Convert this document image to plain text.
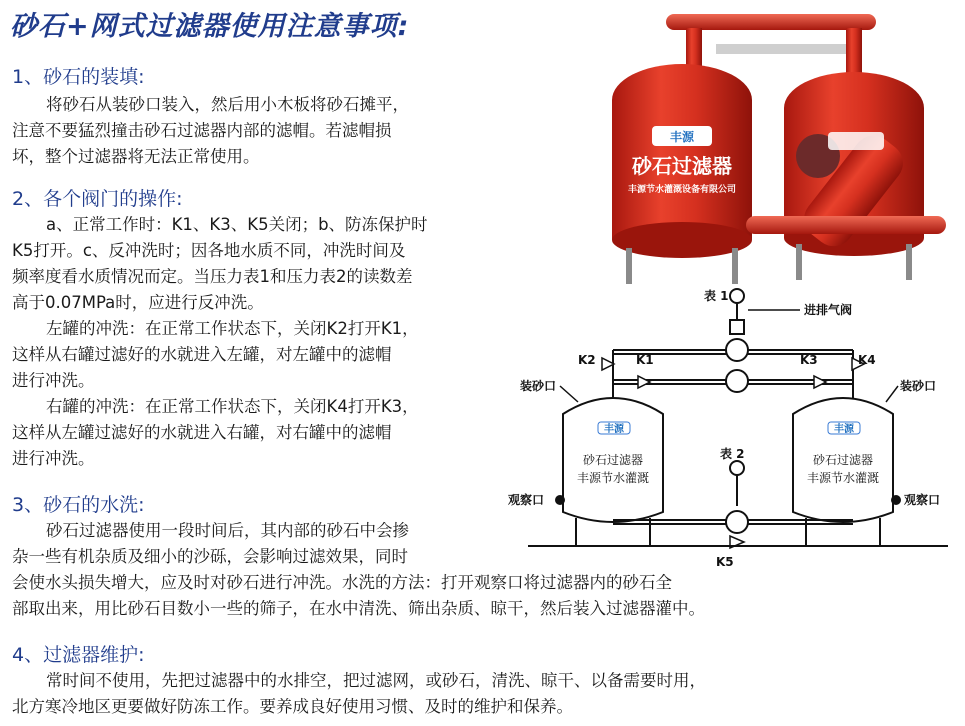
砂石+网式过滤器使用注意事项:
1、砂石的装填:
将砂石从装砂口装入，然后用小木板将砂石摊平，
注意不要猛烈撞击砂石过滤器内部的滤帽。若滤帽损
坏，整个过滤器将无法正常使用。
2、各个阀门的操作:
a、正常工作时：K1、K3、K5关闭；b、防冻保护时
K5打开。c、反冲洗时；因各地水质不同，冲洗时间及
频率度看水质情况而定。当压力表1和压力表2的读数差
高于0.07MPa时，应进行反冲洗。
左罐的冲洗：在正常工作状态下，关闭K2打开K1，
这样从右罐过滤好的水就进入左罐，对左罐中的滤帽
进行冲洗。
右罐的冲洗：在正常工作状态下，关闭K4打开K3，
这样从左罐过滤好的水就进入右罐，对右罐中的滤帽
进行冲洗。
3、砂石的水洗:
砂石过滤器使用一段时间后，其内部的砂石中会掺
杂一些有机杂质及细小的沙砾，会影响过滤效果，同时
会使水头损失增大，应及时对砂石进行冲洗。水洗的方法：打开观察口将过滤器内的砂石全
部取出来，用比砂石目数小一些的筛子，在水中清洗、筛出杂质、晾干，然后装入过滤器灌中。
4、过滤器维护:
常时间不使用，先把过滤器中的水排空，把过滤网，或砂石，清洗、晾干、以备需要时用，
北方寒冷地区更要做好防冻工作。要养成良好使用习惯、及时的维护和保养。
丰源
砂石过滤器
丰源节水灌溉设备有限公司
表 1
进排气阀
K2	K1	K3	K4
装砂口	装砂口
丰源
砂石过滤器
丰源节水灌溉
丰源
砂石过滤器
丰源节水灌溉
观察口	观察口
表 2
K5
